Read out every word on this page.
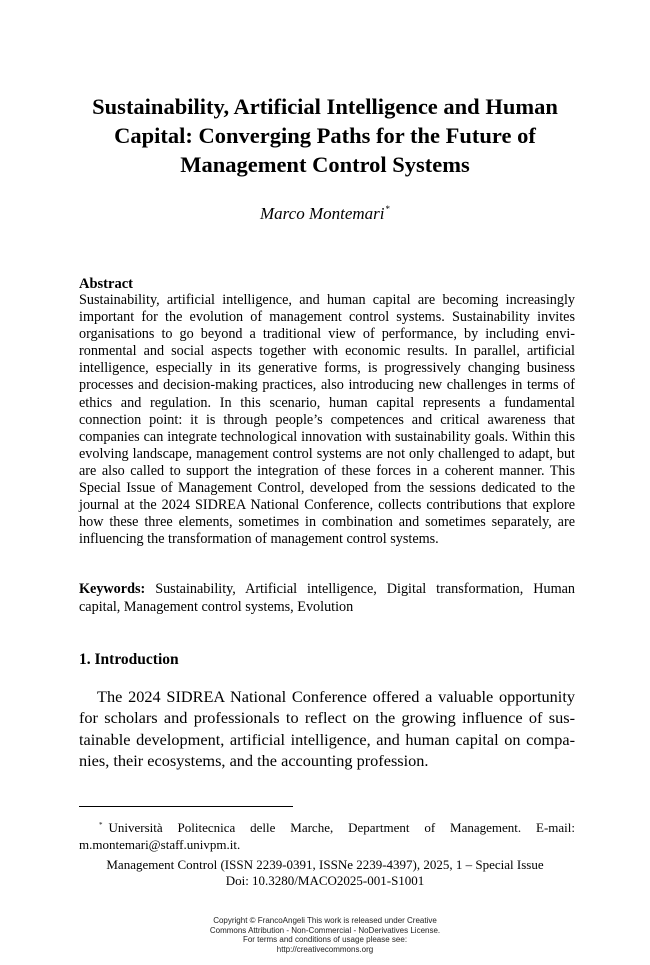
Sustainability, Artificial Intelligence and Human
Capital: Converging Paths for the Future of
Management Control Systems
Marco Montemari*
Abstract

Sustainability, artificial intelligence, and human capital are becoming increasingly important for the evolution of management control systems. Sustainability invites organisations to go beyond a traditional view of performance, by including environmental and social aspects together with economic results. In parallel, artificial intelligence, especially in its generative forms, is progressively changing business processes and decision-making practices, also introducing new challenges in terms of ethics and regulation. In this scenario, human capital represents a fundamental connection point: it is through people’s competences and critical awareness that companies can integrate technological innovation with sustainability goals. Within this evolving landscape, management control systems are not only challenged to adapt, but are also called to support the integration of these forces in a coherent manner. This Special Issue of Management Control, developed from the sessions dedicated to the journal at the 2024 SIDREA National Conference, collects contributions that explore how these three elements, sometimes in combination and sometimes separately, are influencing the transformation of management control systems.

Keywords: Sustainability, Artificial intelligence, Digital transformation, Human capital, Management control systems, Evolution

1. Introduction

The 2024 SIDREA National Conference offered a valuable opportunity for scholars and professionals to reflect on the growing influence of sustainable development, artificial intelligence, and human capital on companies, their ecosystems, and the accounting profession.

* Università Politecnica delle Marche, Department of Management. E-mail: m.montemari@staff.univpm.it.

Management Control (ISSN 2239-0391, ISSNe 2239-4397), 2025, 1 – Special Issue
Doi: 10.3280/MACO2025-001-S1001
Copyright © FrancoAngeli This work is released under Creative
Commons Attribution - Non-Commercial - NoDerivatives License.
For terms and conditions of usage please see:
http://creativecommons.org
